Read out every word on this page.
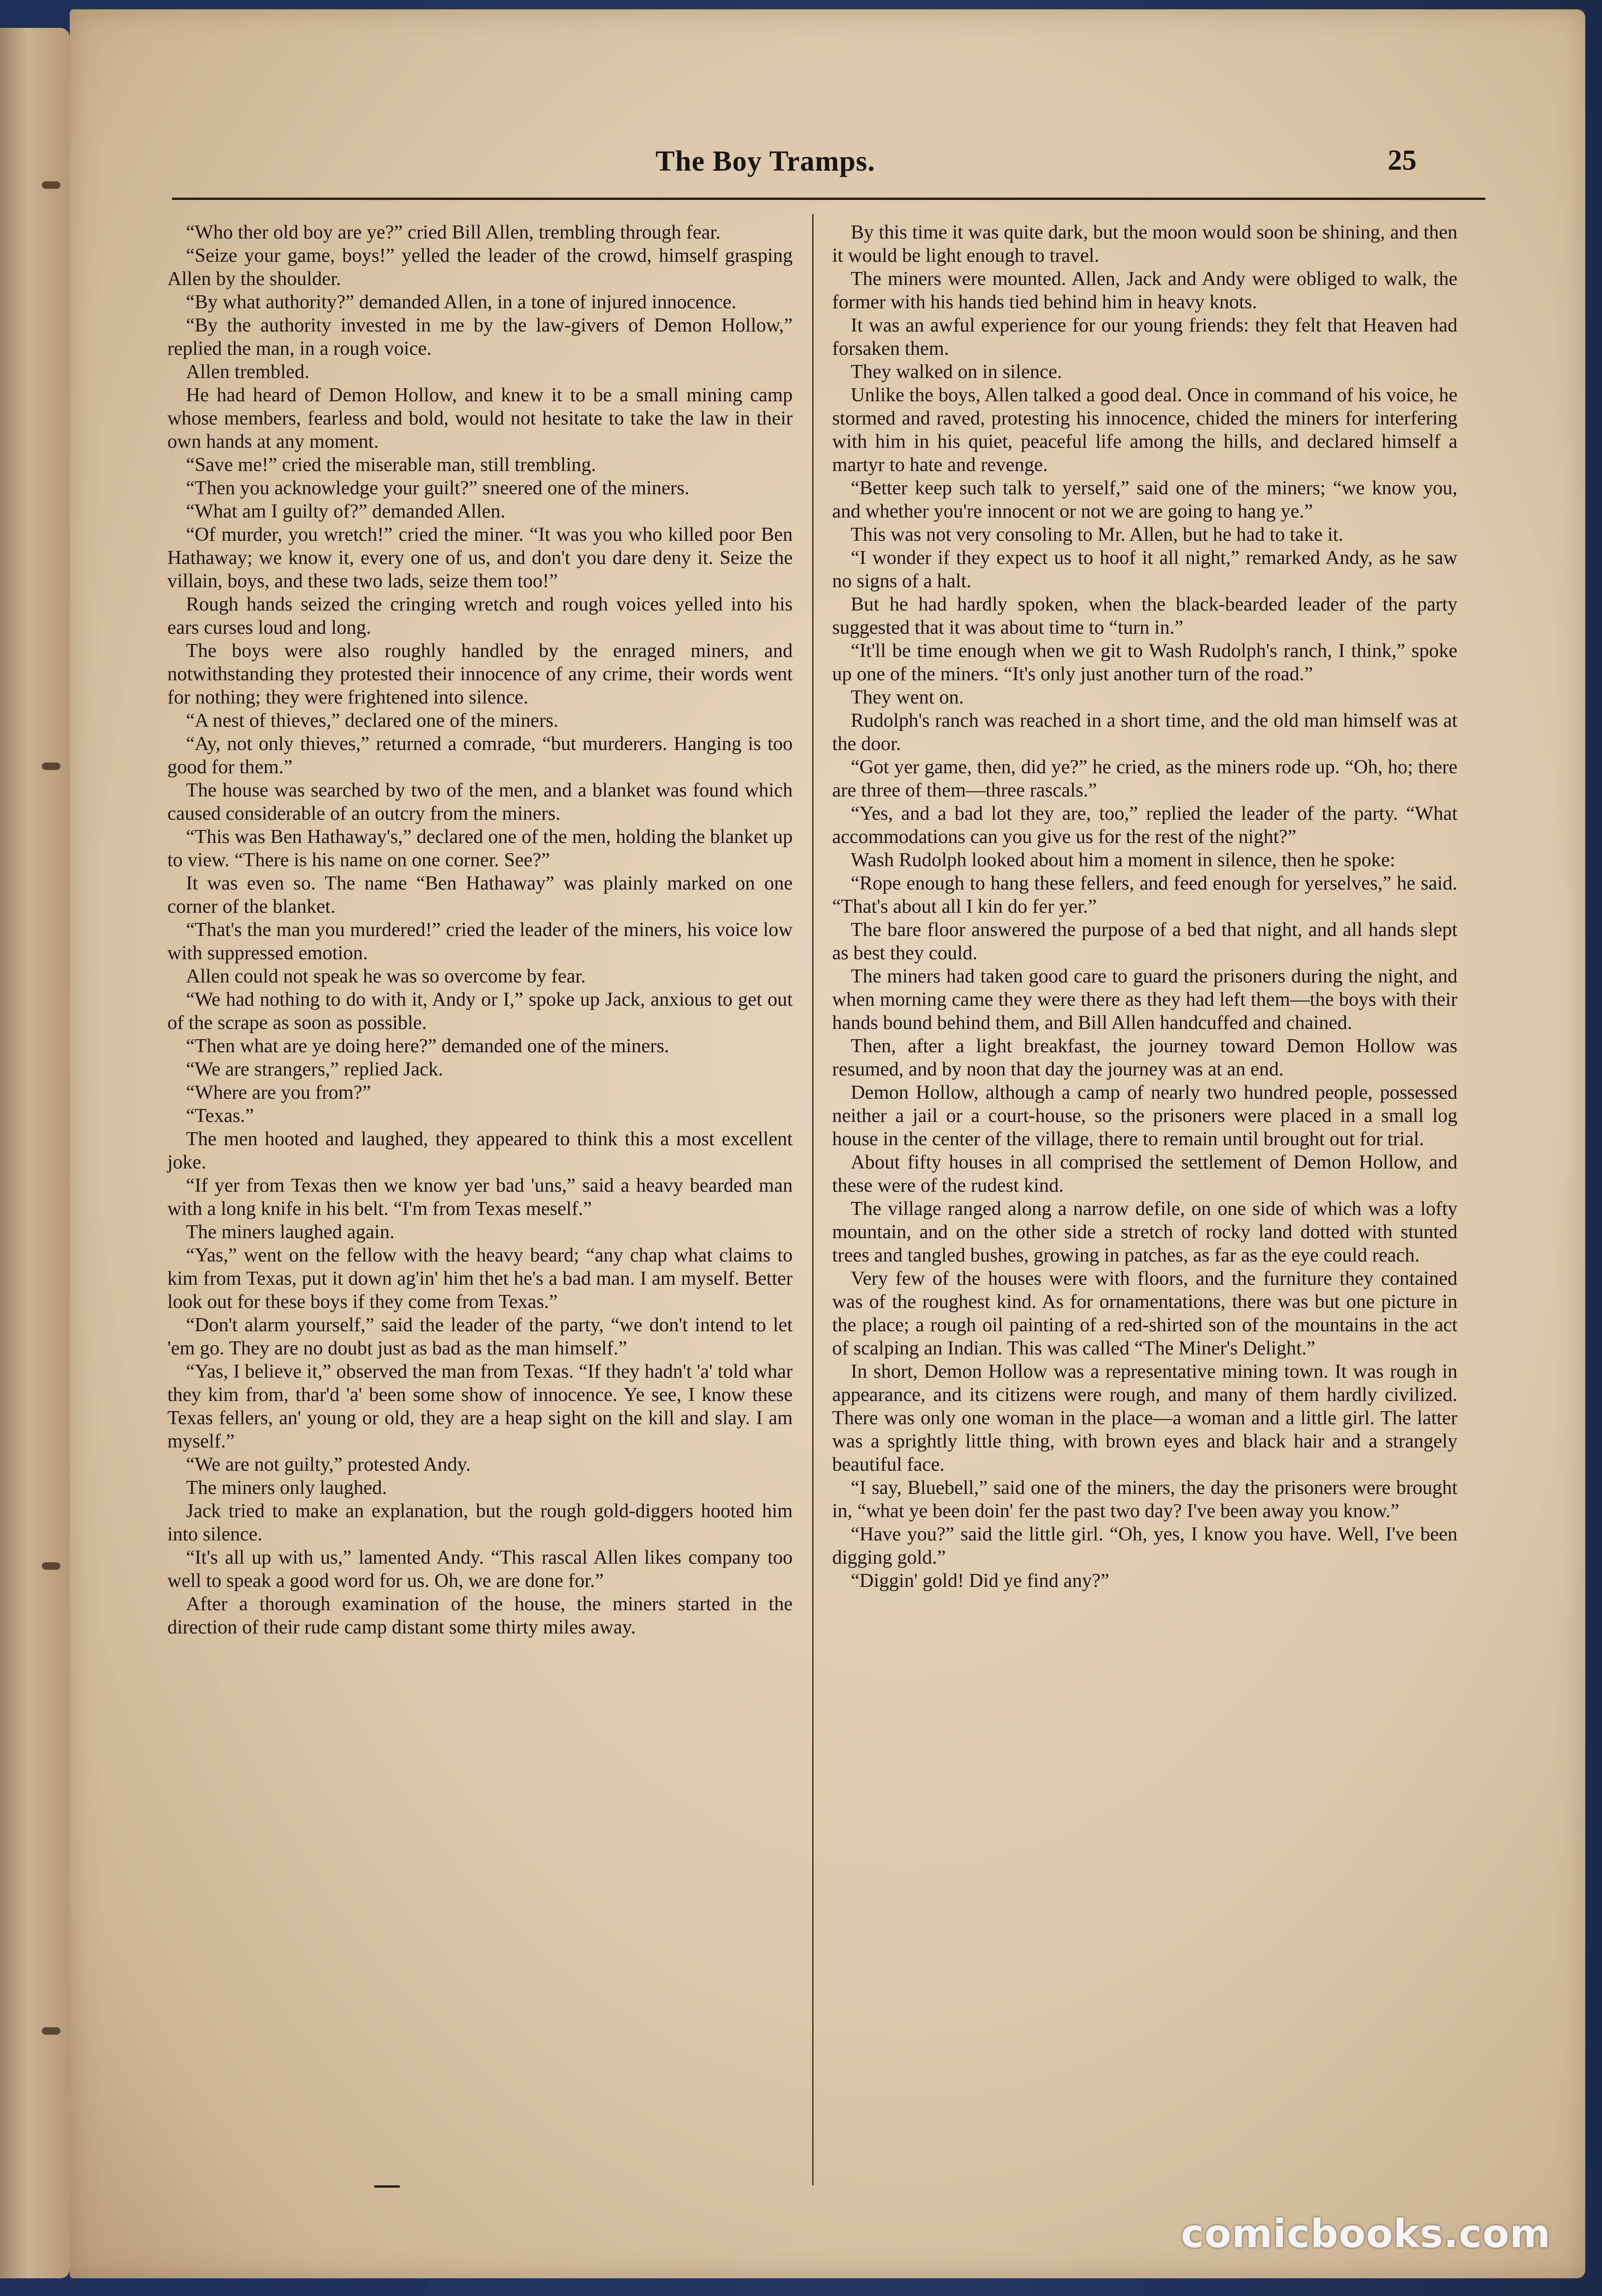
The Boy Tramps.	25

“Who ther old boy are ye?” cried Bill Allen, trembling through fear.

“Seize your game, boys!” yelled the leader of the crowd, himself grasping Allen by the shoulder.

“By what authority?” demanded Allen, in a tone of injured innocence.

“By the authority invested in me by the law-givers of Demon Hollow,” replied the man, in a rough voice.

Allen trembled.

He had heard of Demon Hollow, and knew it to be a small mining camp whose members, fearless and bold, would not hesitate to take the law in their own hands at any moment.

“Save me!” cried the miserable man, still trembling.

“Then you acknowledge your guilt?” sneered one of the miners.

“What am I guilty of?” demanded Allen.

“Of murder, you wretch!” cried the miner. “It was you who killed poor Ben Hathaway; we know it, every one of us, and don't you dare deny it. Seize the villain, boys, and these two lads, seize them too!”

Rough hands seized the cringing wretch and rough voices yelled into his ears curses loud and long.

The boys were also roughly handled by the enraged miners, and notwithstanding they protested their innocence of any crime, their words went for nothing; they were frightened into silence.

“A nest of thieves,” declared one of the miners.

“Ay, not only thieves,” returned a comrade, “but murderers. Hanging is too good for them.”

The house was searched by two of the men, and a blanket was found which caused considerable of an outcry from the miners.

“This was Ben Hathaway's,” declared one of the men, holding the blanket up to view. “There is his name on one corner. See?”

It was even so. The name “Ben Hathaway” was plainly marked on one corner of the blanket.

“That's the man you murdered!” cried the leader of the miners, his voice low with suppressed emotion.

Allen could not speak he was so overcome by fear.

“We had nothing to do with it, Andy or I,” spoke up Jack, anxious to get out of the scrape as soon as possible.

“Then what are ye doing here?” demanded one of the miners.

“We are strangers,” replied Jack.

“Where are you from?”

“Texas.”

The men hooted and laughed, they appeared to think this a most excellent joke.

“If yer from Texas then we know yer bad 'uns,” said a heavy bearded man with a long knife in his belt. “I'm from Texas meself.”

The miners laughed again.

“Yas,” went on the fellow with the heavy beard; “any chap what claims to kim from Texas, put it down ag'in' him thet he's a bad man. I am myself. Better look out for these boys if they come from Texas.”

“Don't alarm yourself,” said the leader of the party, “we don't intend to let 'em go. They are no doubt just as bad as the man himself.”

“Yas, I believe it,” observed the man from Texas. “If they hadn't 'a' told whar they kim from, thar'd 'a' been some show of innocence. Ye see, I know these Texas fellers, an' young or old, they are a heap sight on the kill and slay. I am myself.”

“We are not guilty,” protested Andy.

The miners only laughed.

Jack tried to make an explanation, but the rough gold-diggers hooted him into silence.

“It's all up with us,” lamented Andy. “This rascal Allen likes company too well to speak a good word for us. Oh, we are done for.”

After a thorough examination of the house, the miners started in the direction of their rude camp distant some thirty miles away.

By this time it was quite dark, but the moon would soon be shining, and then it would be light enough to travel.

The miners were mounted. Allen, Jack and Andy were obliged to walk, the former with his hands tied behind him in heavy knots.

It was an awful experience for our young friends: they felt that Heaven had forsaken them.

They walked on in silence.

Unlike the boys, Allen talked a good deal. Once in command of his voice, he stormed and raved, protesting his innocence, chided the miners for interfering with him in his quiet, peaceful life among the hills, and declared himself a martyr to hate and revenge.

“Better keep such talk to yerself,” said one of the miners; “we know you, and whether you're innocent or not we are going to hang ye.”

This was not very consoling to Mr. Allen, but he had to take it.

“I wonder if they expect us to hoof it all night,” remarked Andy, as he saw no signs of a halt.

But he had hardly spoken, when the black-bearded leader of the party suggested that it was about time to “turn in.”

“It'll be time enough when we git to Wash Rudolph's ranch, I think,” spoke up one of the miners. “It's only just another turn of the road.”

They went on.

Rudolph's ranch was reached in a short time, and the old man himself was at the door.

“Got yer game, then, did ye?” he cried, as the miners rode up. “Oh, ho; there are three of them—three rascals.”

“Yes, and a bad lot they are, too,” replied the leader of the party. “What accommodations can you give us for the rest of the night?”

Wash Rudolph looked about him a moment in silence, then he spoke:

“Rope enough to hang these fellers, and feed enough for yerselves,” he said. “That's about all I kin do fer yer.”

The bare floor answered the purpose of a bed that night, and all hands slept as best they could.

The miners had taken good care to guard the prisoners during the night, and when morning came they were there as they had left them—the boys with their hands bound behind them, and Bill Allen handcuffed and chained.

Then, after a light breakfast, the journey toward Demon Hollow was resumed, and by noon that day the journey was at an end.

Demon Hollow, although a camp of nearly two hundred people, possessed neither a jail or a court-house, so the prisoners were placed in a small log house in the center of the village, there to remain until brought out for trial.

About fifty houses in all comprised the settlement of Demon Hollow, and these were of the rudest kind.

The village ranged along a narrow defile, on one side of which was a lofty mountain, and on the other side a stretch of rocky land dotted with stunted trees and tangled bushes, growing in patches, as far as the eye could reach.

Very few of the houses were with floors, and the furniture they contained was of the roughest kind. As for ornamentations, there was but one picture in the place; a rough oil painting of a red-shirted son of the mountains in the act of scalping an Indian. This was called “The Miner's Delight.”

In short, Demon Hollow was a representative mining town. It was rough in appearance, and its citizens were rough, and many of them hardly civilized. There was only one woman in the place—a woman and a little girl. The latter was a sprightly little thing, with brown eyes and black hair and a strangely beautiful face.

“I say, Bluebell,” said one of the miners, the day the prisoners were brought in, “what ye been doin' fer the past two day? I've been away you know.”

“Have you?” said the little girl. “Oh, yes, I know you have. Well, I've been digging gold.”

“Diggin' gold! Did ye find any?”

comicbooks.com
